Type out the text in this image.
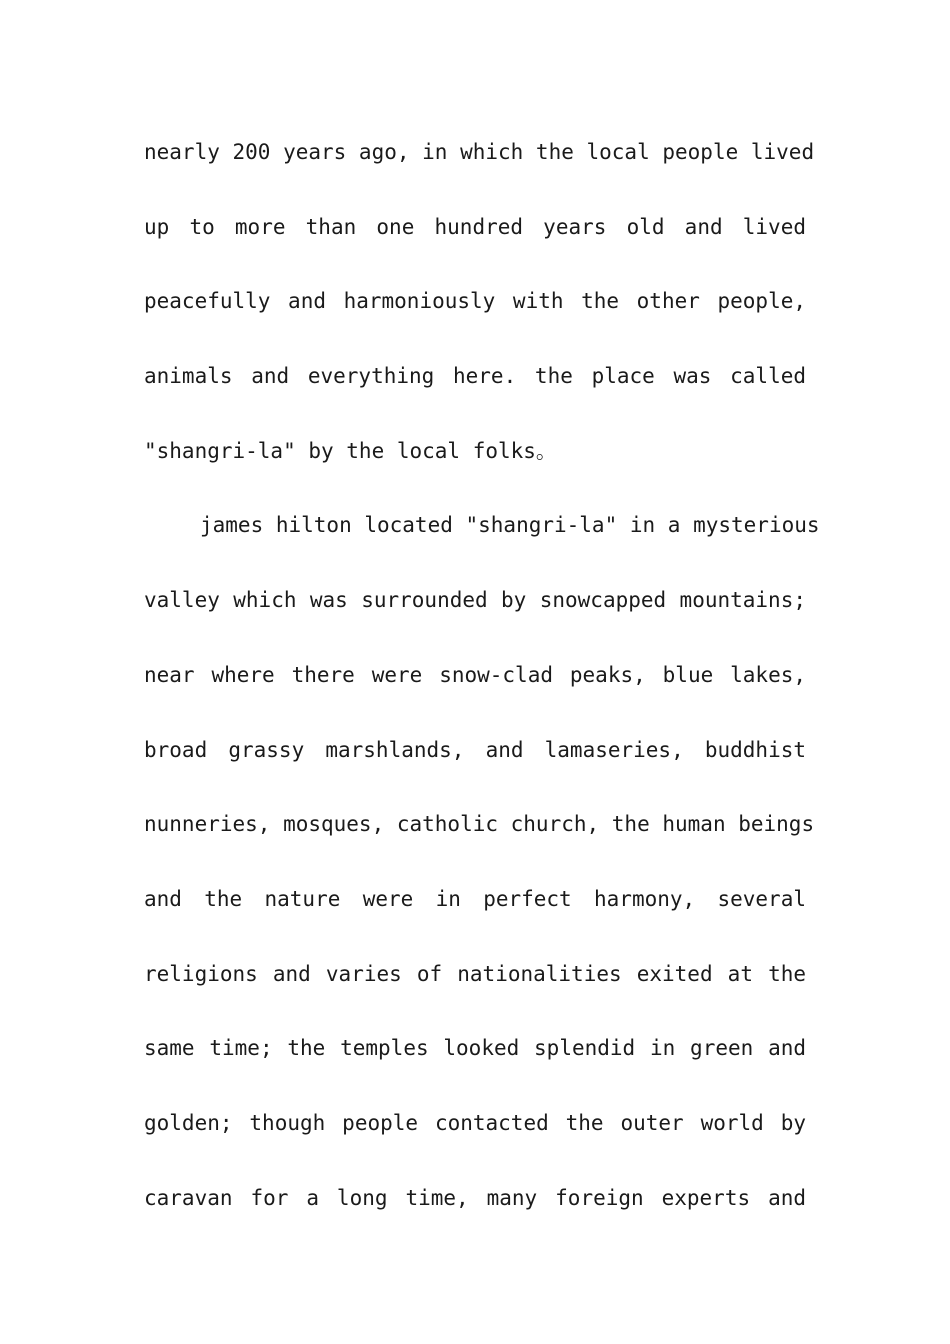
nearly 200 years ago, in which the local people lived
up to more than one hundred years old and lived
peacefully and harmoniously with the other people,
animals and everything here. the place was called
"shangri-la" by the local folks。
james hilton located "shangri-la" in a mysterious
valley which was surrounded by snowcapped mountains;
near where there were snow-clad peaks, blue lakes,
broad grassy marshlands, and lamaseries, buddhist
nunneries, mosques, catholic church, the human beings
and the nature were in perfect harmony, several
religions and varies of nationalities exited at the
same time; the temples looked splendid in green and
golden; though people contacted the outer world by
caravan for a long time, many foreign experts and
